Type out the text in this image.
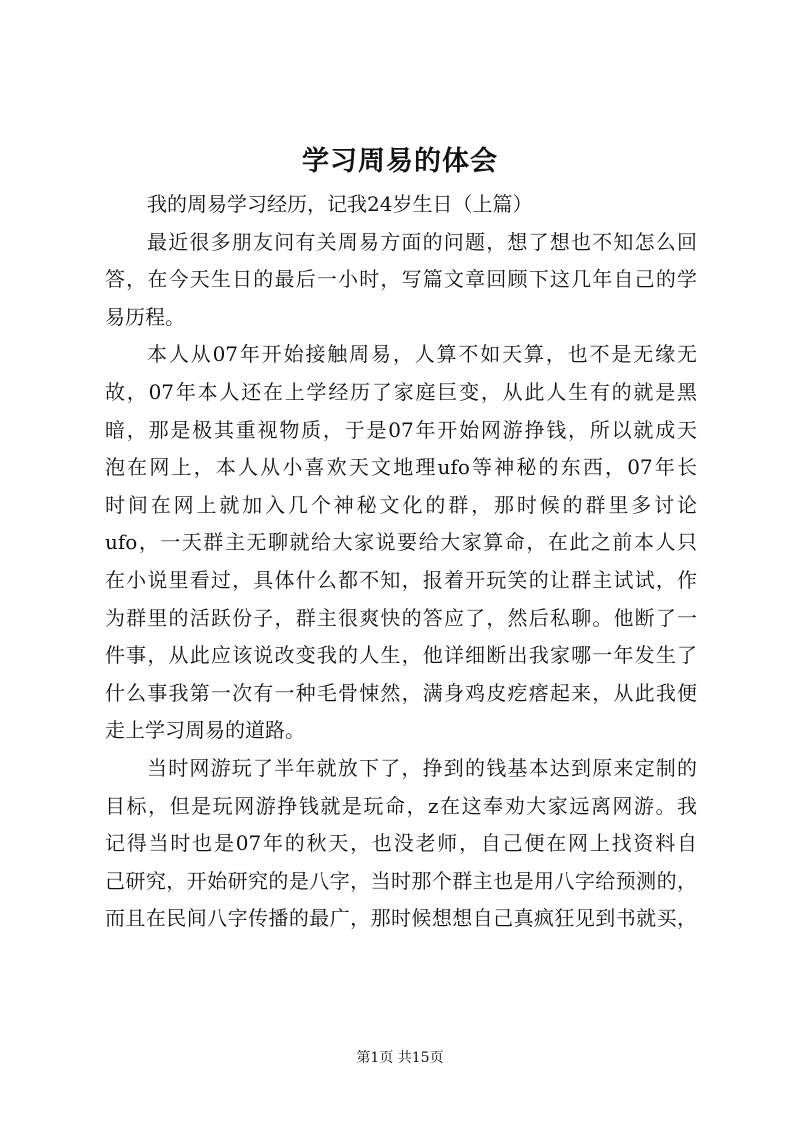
学习周易的体会
我的周易学习经历，记我24岁生日（上篇）
最近很多朋友问有关周易方面的问题，想了想也不知怎么回
答，在今天生日的最后一小时，写篇文章回顾下这几年自己的学
易历程。
本人从07年开始接触周易，人算不如天算，也不是无缘无
故，07年本人还在上学经历了家庭巨变，从此人生有的就是黑
暗，那是极其重视物质，于是07年开始网游挣钱，所以就成天
泡在网上，本人从小喜欢天文地理ufo等神秘的东西，07年长
时间在网上就加入几个神秘文化的群，那时候的群里多讨论
ufo，一天群主无聊就给大家说要给大家算命，在此之前本人只
在小说里看过，具体什么都不知，报着开玩笑的让群主试试，作
为群里的活跃份子，群主很爽快的答应了，然后私聊。他断了一
件事，从此应该说改变我的人生，他详细断出我家哪一年发生了
什么事我第一次有一种毛骨悚然，满身鸡皮疙瘩起来，从此我便
走上学习周易的道路。
当时网游玩了半年就放下了，挣到的钱基本达到原来定制的
目标，但是玩网游挣钱就是玩命，z在这奉劝大家远离网游。我
记得当时也是07年的秋天，也没老师，自己便在网上找资料自
己研究，开始研究的是八字，当时那个群主也是用八字给预测的，
而且在民间八字传播的最广，那时候想想自己真疯狂见到书就买，
第1页 共15页
